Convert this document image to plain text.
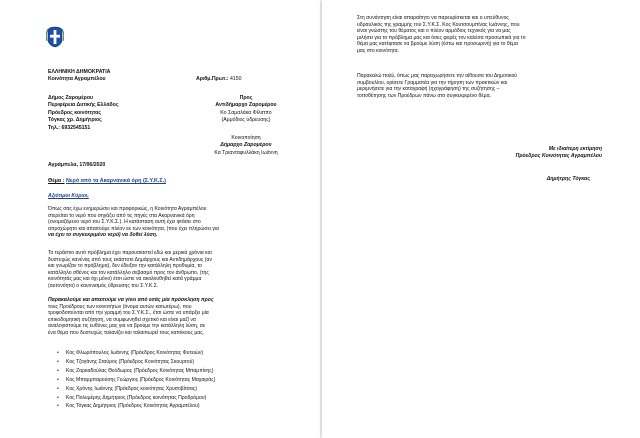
ΕΛΛΗΝΙΚΗ ΔΗΜΟΚΡΑΤΙΑ
Κοινότητα Αγραμπέλου	Αριθμ.Πρωτ.: 4150
Δήμος Ζαρομέρου
Περιφέρεια Δυτικής Ελλάδος
Πρόεδρος κοινότητας
Τόγκας χρ. Δημήτριος
Τηλ.: 6932545151
Προς
Αντιδήμαρχο Ζαρομέρου
Κο Σαμαλάκα Φίλιππο
(Αρμόδιος ύδρευσης)
Κοινοποίηση
Δήμαρχο Ζαρομέρου
Κα Τριανταφυλλάκη Ιωάννη
Αγράμπελα, 17/06/2020
Θέμα : Νερό από τα Ακαρνανικά όρη (Σ.Υ.Κ.Σ.)
Αξιότιμοι Κύριοι,
Όπως σας έχω ενημερώσει και προφορικώς, η Κοινότητα Αγραμπέλου
στερείται το νερό που σηγάζει από τις πηγές στα Ακαρνανικά όρη
(ονομαζόμενο νερό του Σ.Υ.Κ.Σ.). Η κατάσταση αυτή έχει φτάσει στο
απροχώρητο και απαιτούμε πλέον εκ των κοινότητα, (που έχει πληρώσει για
να έχει το συγκεκριμένο νερό) να δοθεί λύση.
Το τεράστιο αυτό πρόβλημα έχει παρουσιαστεί εδώ και μερικά χρόνια και
δυστυχώς κανένας από τους εκάστοτε Δημάρχους και Αντιδημάρχους (αν
και γνωρίζαν το πρόβλημα), δεν έδειξαν την κατάλληλη προθυμία, το
κατάλληλο σθένος και τον κατάλληλο σεβασμό προς τον άνθρωπο, (της
κοινότητάς μας και όχι μόνο) έτσι ώστε να ακολουθηθεί κατά γράμμα
(αυτονόητο) ο κανονισμός ύδρευσης του Σ.Υ.Κ.Σ.
Παρακαλούμε και απαιτούμε να γίνει από εσάς μία πρόσκληση προς
τους Προέδρους των κοινοτήτων (όνομα αυτών κατωτέρω), που
τροφοδοτούνται από την γραμμή του Σ.Υ.Κ.Σ., έτσι ώστε να υπάρξει μία
επικοδομητική συζήτηση, να συμφωνηθεί σχετικό και είναι μαζί να
αναλογιστούμε τις ευθύνες μας για να βρούμε την κατάλληλη λύση, σε
ένα θέμα που δυστυχώς ταλανίζει και ταλαιπωρεί τους κατοίκους μας.
• Κος Φλωρόπουλος Ιωάννης (Πρόεδρος Κοινότητας Φυτειών)
• Κος Τζογάνης Σταύρος (Πρόεδρος Κοινότητας Σκουρτού)
• Κος Ζαρκαδούλας Θεόδωρος (Πρόεδρος Κοινότητας Μπαμπίνης)
• Κος Μπαρμπαρούσης Γεώργιος (Πρόεδρος Κοινότητας Μαχαιράς)
• Κος Χρόνης Ιωάννης (Πρόεδρος κοινότητας Χρυσοβίτσας)
• Κος Πολυμέρης Δημήτριος (Πρόεδρος κοινότητας Προδρόμου)
• Κος Τόγκας Δημήτριος (Πρόεδρος Κοινότητας Αγραμπέλου)
Στη συνάντηση είναι απαραίτητο να παρευρίσκεται και ο υπεύθυνος
υδραυλικός της γραμμής του Σ.Υ.Κ.Σ. Κος Κουτσουμπίνας Ιωάννης, που
είναι γνώστης του θέματος και ο πλέον αρμόδιος τεχνικός για να μας
μιλήσει για το πρόβλημα μας και όσες φορές τον καλέσα προσωπικά για το
θέμα μας κατέφτασε να βρούμε λύση (έστω και προσωρινή) για το θέμα
μας στο κοινότητα.
Παρακαλώ πολύ, όπως μας παραχωρήσετε την αίθουσα του Δημοτικού
συμβουλίου, ορίσετε Γραμματέα για την τήρηση των πρακτικών και
μεριμνήσετε για την καταγραφή (ηχογράφηση) της συζήτησης –
τοποθέτησης των Προέδρων πάνω στο συγκεκριμένο θέμα.
Με ιδιαίτερη εκτίμηση
Πρόεδρος Κοινότητας Αγραμπέλου
Δημήτρης Τόγκας
